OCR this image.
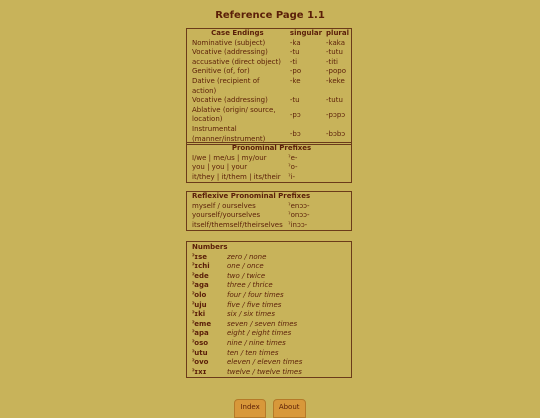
Reference Page 1.1
Case Endings	singular	plural
Nominative (subject)	-ka	-kaka
Vocative (addressing)	-tu	-tutu
accusative (direct object)	-ti	-titi
Genitive (of, for)	-po	-popo
Dative (recipient of action)	-ke	-keke
Vocative (addressing)	-tu	-tutu
Ablative (origin/ source, location)	-pɔ	-pɔpɔ
Instrumental (manner/instrument)	-bɔ	-bɔbɔ
Pronominal Prefixes
I/we | me/us | my/our	ˀe-
you | you | your	ˀo-
it/they | it/them | its/their	ˀi-
Reflexive Pronominal Prefixes
myself / ourselves	ˀenɔɔ-
yourself/yourselves	ˀonɔɔ-
itself/themself/theirselves	ˀinɔɔ-
Numbers
ˀɪse	zero / none
ˀɪchi	one / once
ˀede	two / twice
ˀaga	three / thrice
ˀolo	four / four times
ˀuju	five / five times
ˀɪki	six / six times
ˀeme	seven / seven times
ˀapa	eight / eight times
ˀoso	nine / nine times
ˀutu	ten / ten times
ˀovo	eleven / eleven times
ˀɪxɪ	twelve / twelve times
Index	About
